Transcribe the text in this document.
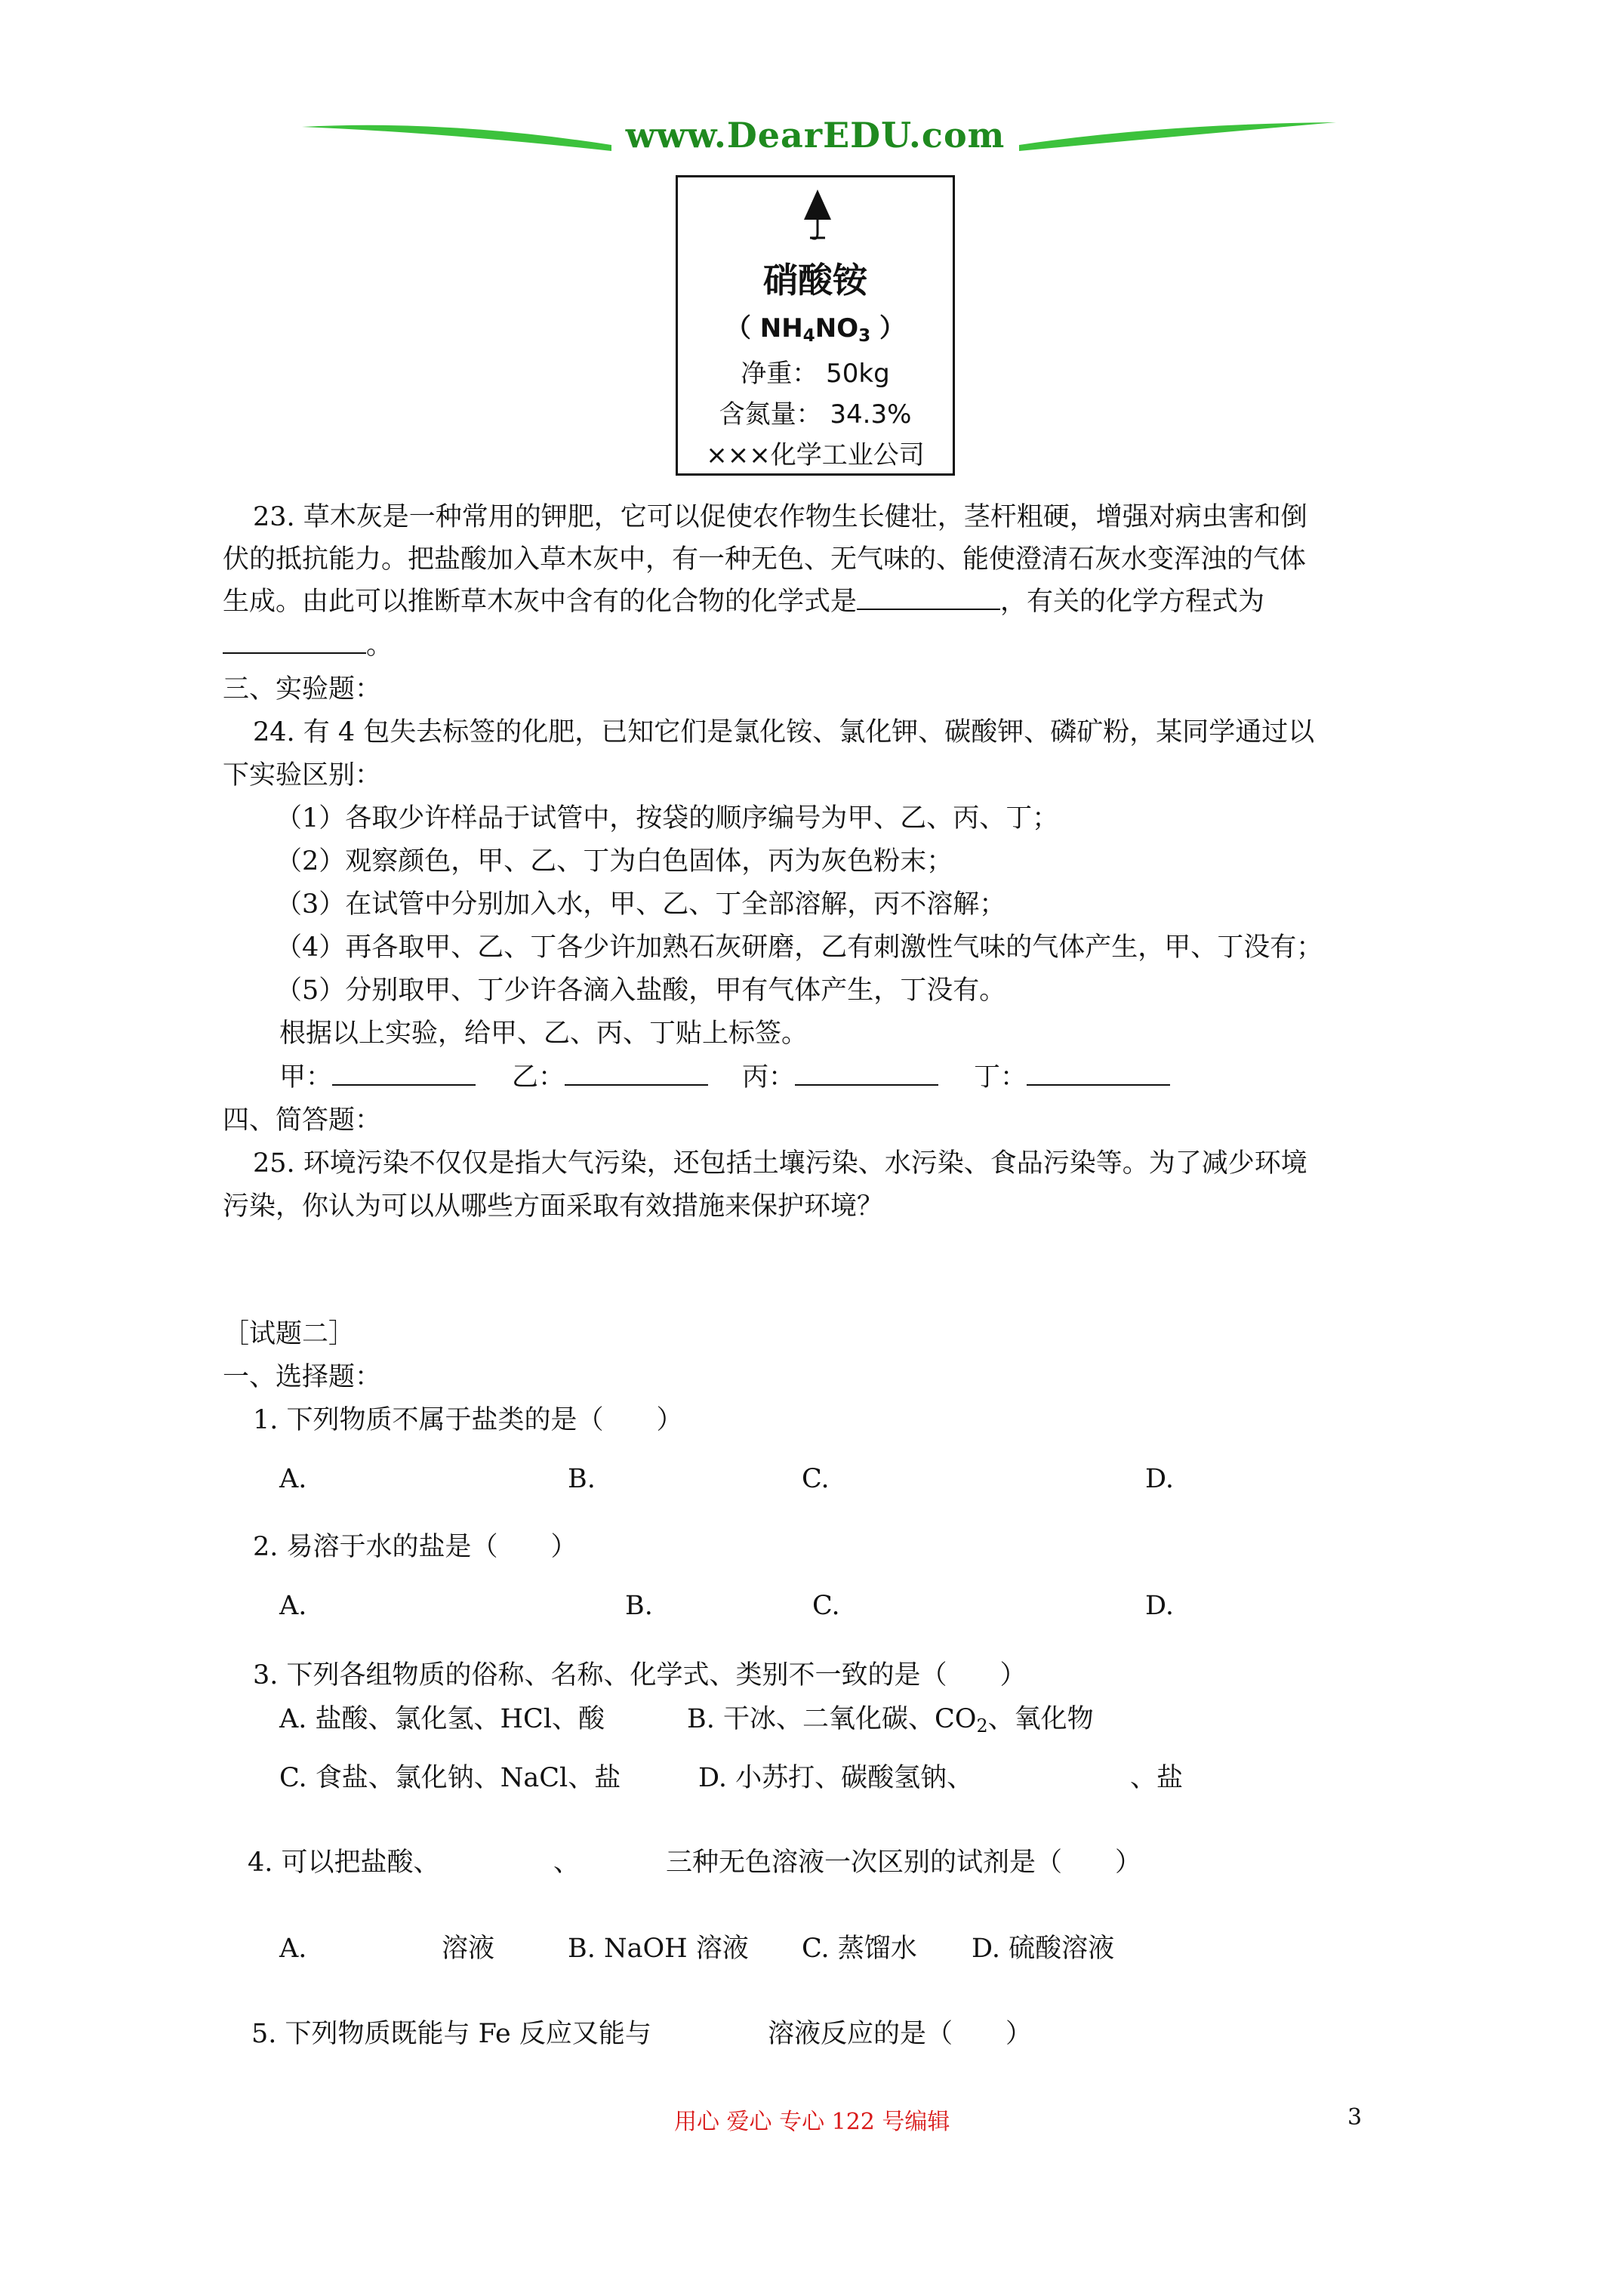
www.DearEDU.com
硝酸铵
（ $NH_4NO_3$ ）
净重： 50kg
含氮量： 34.3%
×××化学工业公司
23. 草木灰是一种常用的钾肥，它可以促使农作物生长健壮，茎杆粗硬，增强对病虫害和倒
伏的抵抗能力。把盐酸加入草木灰中，有一种无色、无气味的、能使澄清石灰水变浑浊的气体
生成。由此可以推断草木灰中含有的化合物的化学式是	，有关的化学方程式为
。
三、实验题：
24. 有 4 包失去标签的化肥，已知它们是氯化铵、氯化钾、碳酸钾、磷矿粉，某同学通过以
下实验区别：
（1）各取少许样品于试管中，按袋的顺序编号为甲、乙、丙、丁；
（2）观察颜色，甲、乙、丁为白色固体，丙为灰色粉末；
（3）在试管中分别加入水，甲、乙、丁全部溶解，丙不溶解；
（4）再各取甲、乙、丁各少许加熟石灰研磨，乙有刺激性气味的气体产生，甲、丁没有；
（5）分别取甲、丁少许各滴入盐酸，甲有气体产生，丁没有。
根据以上实验，给甲、乙、丙、丁贴上标签。
甲：	乙：	丙：	丁：
四、简答题：
25. 环境污染不仅仅是指大气污染，还包括土壤污染、水污染、食品污染等。为了减少环境
污染，你认为可以从哪些方面采取有效措施来保护环境？
［试题二］
一、选择题：
1. 下列物质不属于盐类的是（　　）
A.	B.	C.	D.
2. 易溶于水的盐是（　　）
A.	B.	C.	D.
3. 下列各组物质的俗称、名称、化学式、类别不一致的是（　　）
A. 盐酸、氯化氢、HCl、酸	B. 干冰、二氧化碳、$CO_2$、氧化物
C. 食盐、氯化钠、NaCl、盐	D. 小苏打、碳酸氢钠、	、盐
4. 可以把盐酸、	、	三种无色溶液一次区别的试剂是（　　）
A.	溶液	B. NaOH 溶液 C. 蒸馏水 D. 硫酸溶液
5. 下列物质既能与 Fe 反应又能与	溶液反应的是（　　）
用心 爱心 专心 122 号编辑	3
